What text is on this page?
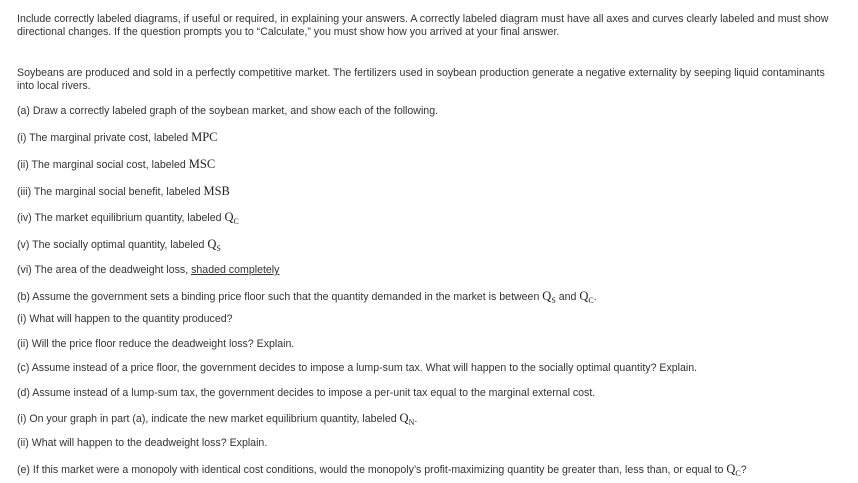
Include correctly labeled diagrams, if useful or required, in explaining your answers. A correctly labeled diagram must have all axes and curves clearly labeled and must show directional changes. If the question prompts you to “Calculate,” you must show how you arrived at your final answer.
Soybeans are produced and sold in a perfectly competitive market. The fertilizers used in soybean production generate a negative externality by seeping liquid contaminants into local rivers.
(a) Draw a correctly labeled graph of the soybean market, and show each of the following.
(i) The marginal private cost, labeled MPC
(ii) The marginal social cost, labeled MSC
(iii) The marginal social benefit, labeled MSB
(iv) The market equilibrium quantity, labeled $Q_C$
(v) The socially optimal quantity, labeled $Q_S$
(vi) The area of the deadweight loss, shaded completely
(b) Assume the government sets a binding price floor such that the quantity demanded in the market is between $Q_S$ and $Q_C$.
(i) What will happen to the quantity produced?
(ii) Will the price floor reduce the deadweight loss? Explain.
(c) Assume instead of a price floor, the government decides to impose a lump-sum tax. What will happen to the socially optimal quantity? Explain.
(d) Assume instead of a lump-sum tax, the government decides to impose a per-unit tax equal to the marginal external cost.
(i) On your graph in part (a), indicate the new market equilibrium quantity, labeled $Q_N$.
(ii) What will happen to the deadweight loss? Explain.
(e) If this market were a monopoly with identical cost conditions, would the monopoly’s profit-maximizing quantity be greater than, less than, or equal to $Q_C$?
